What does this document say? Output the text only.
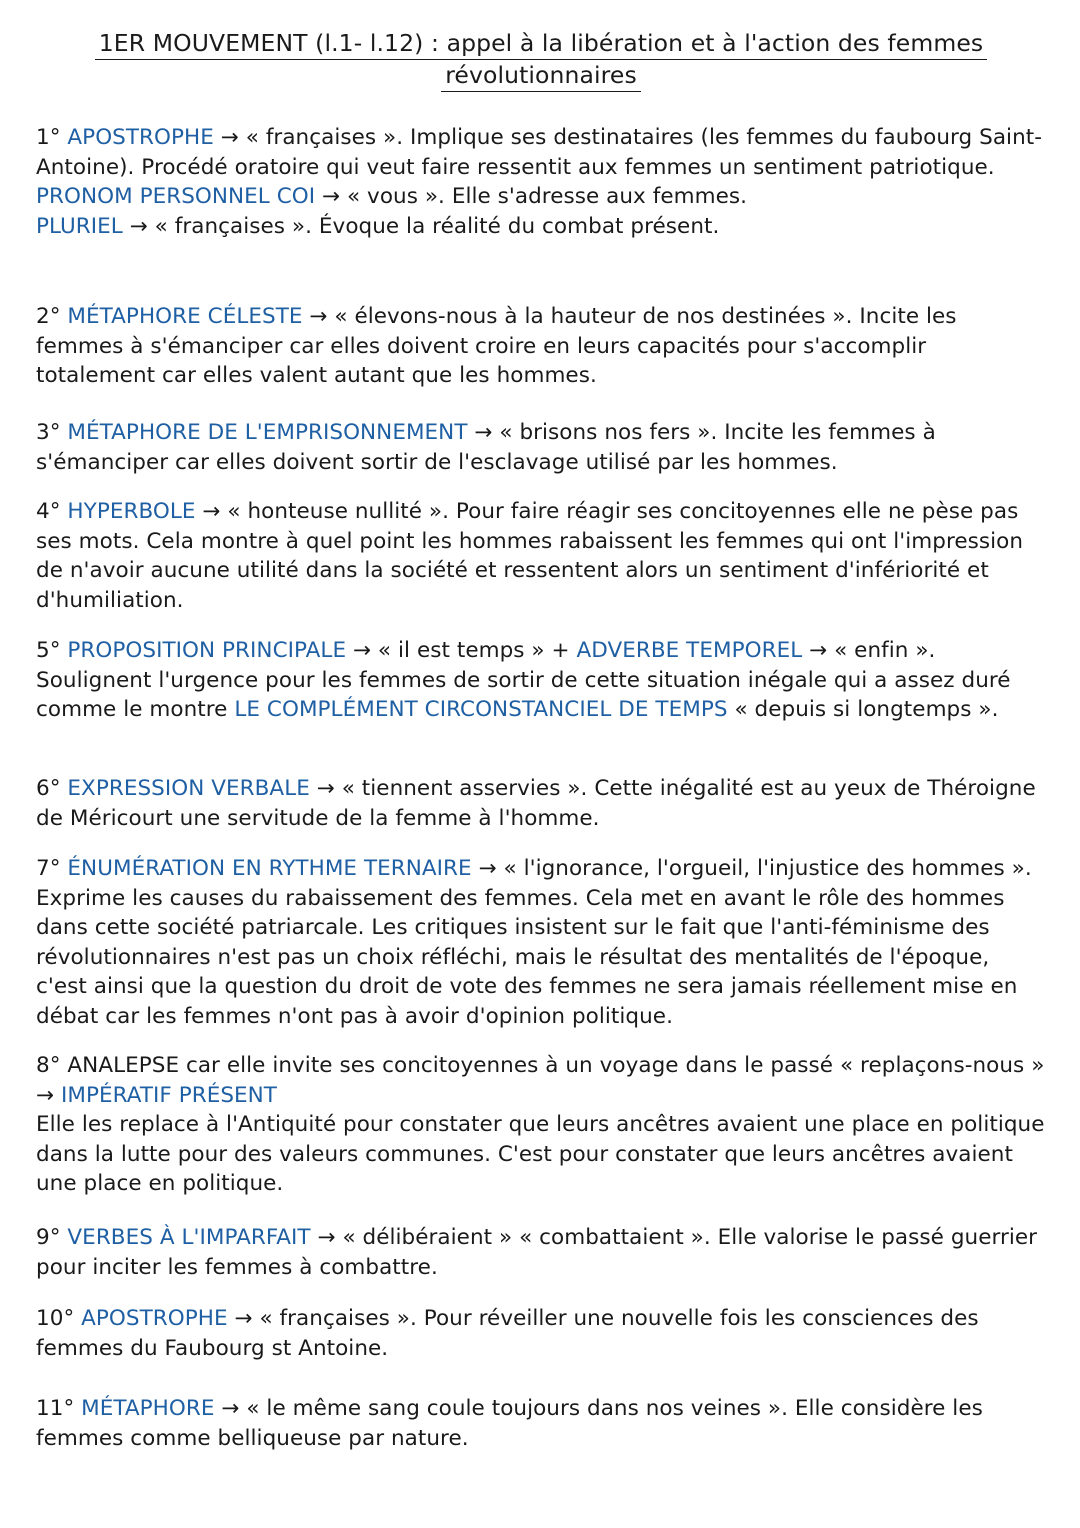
1ER MOUVEMENT (l.1- l.12) : appel à la libération et à l'action des femmes
révolutionnaires
1° APOSTROPHE → « françaises ». Implique ses destinataires (les femmes du faubourg Saint-Antoine). Procédé oratoire qui veut faire ressentit aux femmes un sentiment patriotique.
PRONOM PERSONNEL COI → « vous ». Elle s'adresse aux femmes.
PLURIEL → « françaises ». Évoque la réalité du combat présent.
2° MÉTAPHORE CÉLESTE → « élevons-nous à la hauteur de nos destinées ». Incite les femmes à s'émanciper car elles doivent croire en leurs capacités pour s'accomplir totalement car elles valent autant que les hommes.
3° MÉTAPHORE DE L'EMPRISONNEMENT → « brisons nos fers ». Incite les femmes à s'émanciper car elles doivent sortir de l'esclavage utilisé par les hommes.
4° HYPERBOLE → « honteuse nullité ». Pour faire réagir ses concitoyennes elle ne pèse pas ses mots. Cela montre à quel point les hommes rabaissent les femmes qui ont l'impression de n'avoir aucune utilité dans la société et ressentent alors un sentiment d'infériorité et d'humiliation.
5° PROPOSITION PRINCIPALE → « il est temps » + ADVERBE TEMPOREL → « enfin ». Soulignent l'urgence pour les femmes de sortir de cette situation inégale qui a assez duré comme le montre LE COMPLÉMENT CIRCONSTANCIEL DE TEMPS « depuis si longtemps ».
6° EXPRESSION VERBALE → « tiennent asservies ». Cette inégalité est au yeux de Théroigne de Méricourt une servitude de la femme à l'homme.
7° ÉNUMÉRATION EN RYTHME TERNAIRE → « l'ignorance, l'orgueil, l'injustice des hommes ». Exprime les causes du rabaissement des femmes. Cela met en avant le rôle des hommes dans cette société patriarcale. Les critiques insistent sur le fait que l'anti-féminisme des révolutionnaires n'est pas un choix réfléchi, mais le résultat des mentalités de l'époque, c'est ainsi que la question du droit de vote des femmes ne sera jamais réellement mise en débat car les femmes n'ont pas à avoir d'opinion politique.
8° ANALEPSE car elle invite ses concitoyennes à un voyage dans le passé « replaçons-nous » → IMPÉRATIF PRÉSENT
Elle les replace à l'Antiquité pour constater que leurs ancêtres avaient une place en politique dans la lutte pour des valeurs communes. C'est pour constater que leurs ancêtres avaient une place en politique.
9° VERBES À L'IMPARFAIT → « délibéraient » « combattaient ». Elle valorise le passé guerrier pour inciter les femmes à combattre.
10° APOSTROPHE → « françaises ». Pour réveiller une nouvelle fois les consciences des femmes du Faubourg st Antoine.
11° MÉTAPHORE → « le même sang coule toujours dans nos veines ». Elle considère les femmes comme belliqueuse par nature.
